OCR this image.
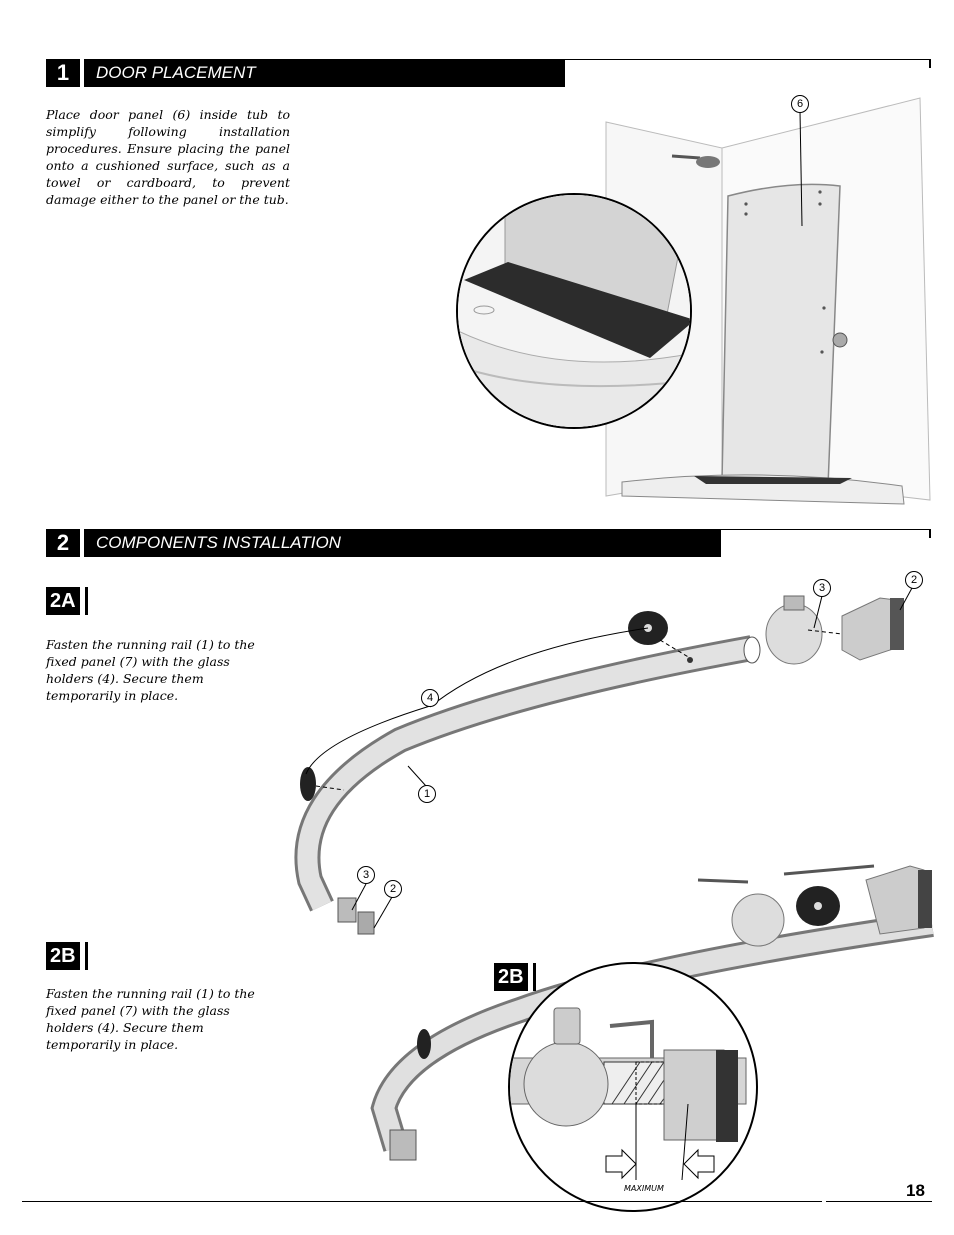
1	DOOR PLACEMENT
Place door panel (6) inside tub to simplify following installation procedures. Ensure placing the panel onto a cushioned surface, such as a towel or cardboard, to prevent damage either to the panel or the tub.
6
2	COMPONENTS INSTALLATION
2A
Fasten the running rail (1) to the fixed panel (7) with the glass holders (4). Secure them temporarily in place.
2B
Fasten the running rail (1) to the fixed panel (7) with the glass holders (4). Secure them temporarily in place.
3
2
4
1
3
2
2B
MAXIMUM	18
